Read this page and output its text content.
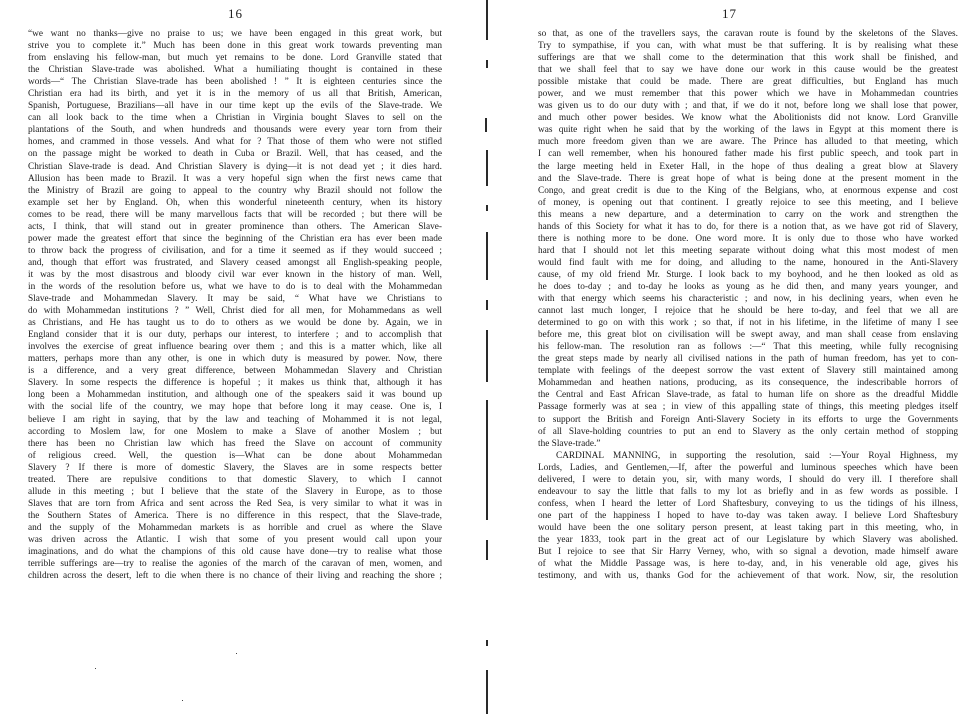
16
“we want no thanks—give no praise to us; we have been engaged in this great work, but
strive you to complete it.” Much has been done in this great work towards preventing man
from enslaving his fellow-man, but much yet remains to be done. Lord Granville stated that
the Christian Slave-trade was abolished. What a humiliating thought is contained in these
words—“ The Christian Slave-trade has been abolished ! ” It is eighteen centuries since the
Christian era had its birth, and yet it is in the memory of us all that British, American,
Spanish, Portuguese, Brazilians—all have in our time kept up the evils of the Slave-trade. We
can all look back to the time when a Christian in Virginia bought Slaves to sell on the
plantations of the South, and when hundreds and thousands were every year torn from their
homes, and crammed in those vessels. And what for ? That those of them who were not stifled
on the passage might be worked to death in Cuba or Brazil. Well, that has ceased, and the
Christian Slave-trade is dead. And Christian Slavery is dying—it is not dead yet ; it dies hard.
Allusion has been made to Brazil. It was a very hopeful sign when the first news came that
the Ministry of Brazil are going to appeal to the country why Brazil should not follow the
example set her by England. Oh, when this wonderful nineteenth century, when its history
comes to be read, there will be many marvellous facts that will be recorded ; but there will be
acts, I think, that will stand out in greater prominence than others. The American Slave-
power made the greatest effort that since the beginning of the Christian era has ever been made
to throw back the progress of civilisation, and for a time it seemed as if they would succeed ;
and, though that effort was frustrated, and Slavery ceased amongst all English-speaking people,
it was by the most disastrous and bloody civil war ever known in the history of man. Well,
in the words of the resolution before us, what we have to do is to deal with the Mohammedan
Slave-trade and Mohammedan Slavery. It may be said, “ What have we Christians to
do with Mohammedan institutions ? ” Well, Christ died for all men, for Mohammedans as well
as Christians, and He has taught us to do to others as we would be done by. Again, we in
England consider that it is our duty, perhaps our interest, to interfere ; and to accomplish that
involves the exercise of great influence bearing over them ; and this is a matter which, like all
matters, perhaps more than any other, is one in which duty is measured by power. Now, there
is a difference, and a very great difference, between Mohammedan Slavery and Christian
Slavery. In some respects the difference is hopeful ; it makes us think that, although it has
long been a Mohammedan institution, and although one of the speakers said it was bound up
with the social life of the country, we may hope that before long it may cease. One is, I
believe I am right in saying, that by the law and teaching of Mohammed it is not legal,
according to Moslem law, for one Moslem to make a Slave of another Moslem ; but
there has been no Christian law which has freed the Slave on account of community
of religious creed. Well, the question is—What can be done about Mohammedan
Slavery ? If there is more of domestic Slavery, the Slaves are in some respects better
treated. There are repulsive conditions to that domestic Slavery, to which I cannot
allude in this meeting ; but I believe that the state of the Slavery in Europe, as to those
Slaves that are torn from Africa and sent across the Red Sea, is very similar to what it was in
the Southern States of America. There is no difference in this respect, that the Slave-trade,
and the supply of the Mohammedan markets is as horrible and cruel as where the Slave
was driven across the Atlantic. I wish that some of you present would call upon your
imaginations, and do what the champions of this old cause have done—try to realise what those
terrible sufferings are—try to realise the agonies of the march of the caravan of men, women, and
children across the desert, left to die when there is no chance of their living and reaching the shore ;
17
so that, as one of the travellers says, the caravan route is found by the skeletons of the Slaves.
Try to sympathise, if you can, with what must be that suffering. It is by realising what these
sufferings are that we shall come to the determination that this work shall be finished, and
that we shall feel that to say we have done our work in this cause would be the greatest
possible mistake that could be made. There are great difficulties, but England has much
power, and we must remember that this power which we have in Mohammedan countries
was given us to do our duty with ; and that, if we do it not, before long we shall lose that power,
and much other power besides. We know what the Abolitionists did not know. Lord Granville
was quite right when he said that by the working of the laws in Egypt at this moment there is
much more freedom given than we are aware. The Prince has alluded to that meeting, which
I can well remember, when his honoured father made his first public speech, and took part in
the large meeting held in Exeter Hall, in the hope of thus dealing a great blow at Slavery
and the Slave-trade. There is great hope of what is being done at the present moment in the
Congo, and great credit is due to the King of the Belgians, who, at enormous expense and cost
of money, is opening out that continent. I greatly rejoice to see this meeting, and I believe
this means a new departure, and a determination to carry on the work and strengthen the
hands of this Society for what it has to do, for there is a notion that, as we have got rid of Slavery,
there is nothing more to be done. One word more. It is only due to those who have worked
hard that I should not let this meeting separate without doing what this most modest of men
would find fault with me for doing, and alluding to the name, honoured in the Anti-Slavery
cause, of my old friend Mr. Sturge. I look back to my boyhood, and he then looked as old as
he does to-day ; and to-day he looks as young as he did then, and many years younger, and
with that energy which seems his characteristic ; and now, in his declining years, when even he
cannot last much longer, I rejoice that he should be here to-day, and feel that we all are
determined to go on with this work ; so that, if not in his lifetime, in the lifetime of many I see
before me, this great blot on civilisation will be swept away, and man shall cease from enslaving
his fellow-man. The resolution ran as follows :—“ That this meeting, while fully recognising
the great steps made by nearly all civilised nations in the path of human freedom, has yet to con-
template with feelings of the deepest sorrow the vast extent of Slavery still maintained among
Mohammedan and heathen nations, producing, as its consequence, the indescribable horrors of
the Central and East African Slave-trade, as fatal to human life on shore as the dreadful Middle
Passage formerly was at sea ; in view of this appalling state of things, this meeting pledges itself
to support the British and Foreign Anti-Slavery Society in its efforts to urge the Governments
of all Slave-holding countries to put an end to Slavery as the only certain method of stopping
the Slave-trade.”
CARDINAL MANNING, in supporting the resolution, said :—Your Royal Highness, my
Lords, Ladies, and Gentlemen,—If, after the powerful and luminous speeches which have been
delivered, I were to detain you, sir, with many words, I should do very ill. I therefore shall
endeavour to say the little that falls to my lot as briefly and in as few words as possible. I
confess, when I heard the letter of Lord Shaftesbury, conveying to us the tidings of his illness,
one part of the happiness I hoped to have to-day was taken away. I believe Lord Shaftesbury
would have been the one solitary person present, at least taking part in this meeting, who, in
the year 1833, took part in the great act of our Legislature by which Slavery was abolished.
But I rejoice to see that Sir Harry Verney, who, with so signal a devotion, made himself aware
of what the Middle Passage was, is here to-day, and, in his venerable old age, gives his
testimony, and with us, thanks God for the achievement of that work. Now, sir, the resolution
